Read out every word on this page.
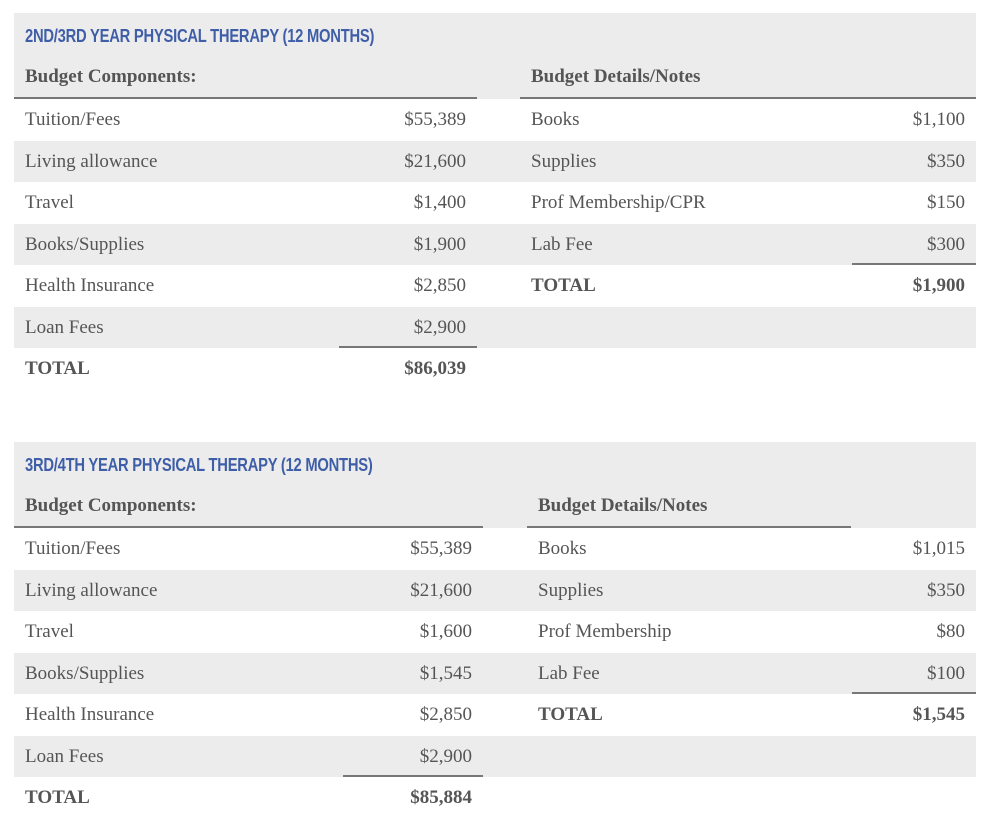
2ND/3RD YEAR PHYSICAL THERAPY (12 MONTHS)
Budget Components:	Budget Details/Notes
Tuition/Fees	$55,389	Books	$1,100
Living allowance	$21,600	Supplies	$350
Travel	$1,400	Prof Membership/CPR	$150
Books/Supplies	$1,900	Lab Fee	$300
Health Insurance	$2,850	TOTAL	$1,900
Loan Fees	$2,900
TOTAL	$86,039
3RD/4TH YEAR PHYSICAL THERAPY (12 MONTHS)
Budget Components:	Budget Details/Notes
Tuition/Fees	$55,389	Books	$1,015
Living allowance	$21,600	Supplies	$350
Travel	$1,600	Prof Membership	$80
Books/Supplies	$1,545	Lab Fee	$100
Health Insurance	$2,850	TOTAL	$1,545
Loan Fees	$2,900
TOTAL	$85,884
